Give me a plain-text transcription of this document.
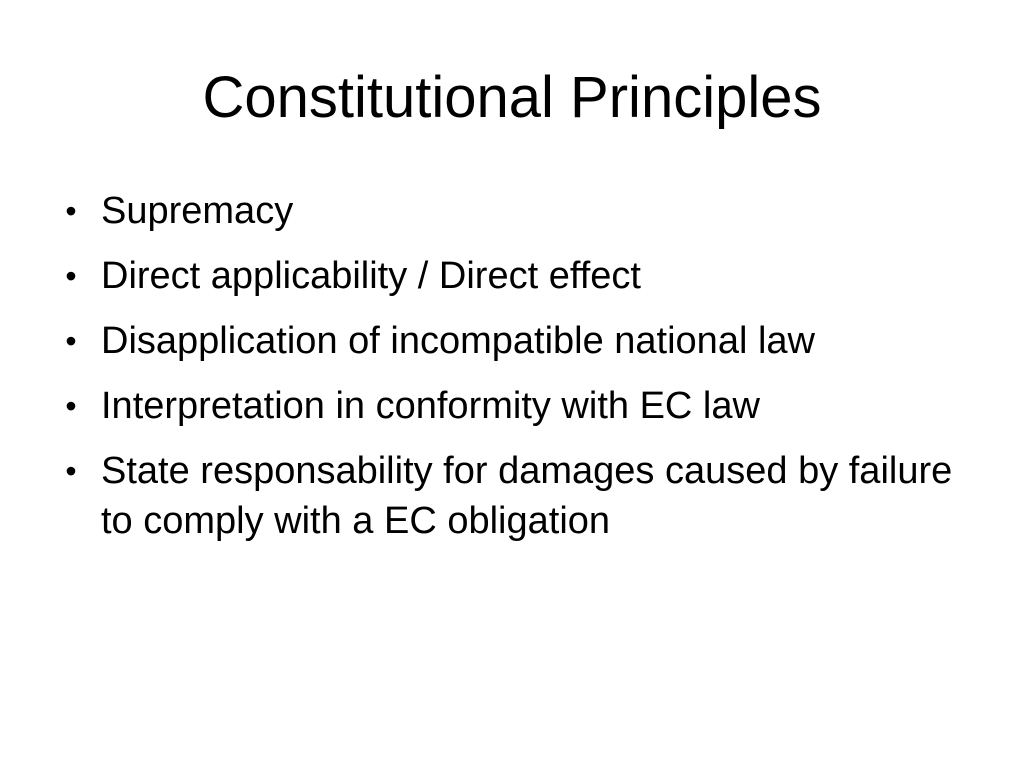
Constitutional Principles
• Supremacy
• Direct applicability / Direct effect
• Disapplication of incompatible national law
• Interpretation in conformity with EC law
• State responsability for damages caused by failure to comply with a EC obligation
